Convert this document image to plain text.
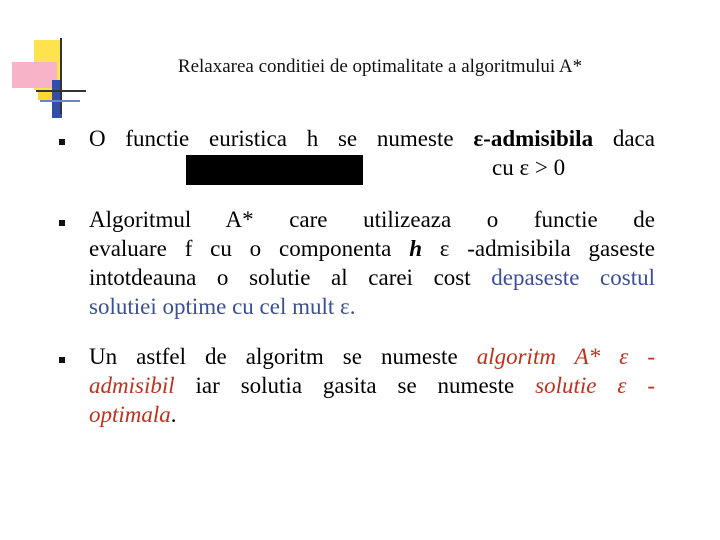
Relaxarea conditiei de optimalitate a algoritmului A*
O functie euristica h se numeste ε-admisibila daca
cu ε > 0
Algoritmul A* care utilizeaza o functie de
evaluare f cu o componenta h ε -admisibila gaseste
intotdeauna o solutie al carei cost depaseste costul
solutiei optime cu cel mult ε.
Un astfel de algoritm se numeste algoritm A* ε -
admisibil iar solutia gasita se numeste solutie ε -
optimala.
